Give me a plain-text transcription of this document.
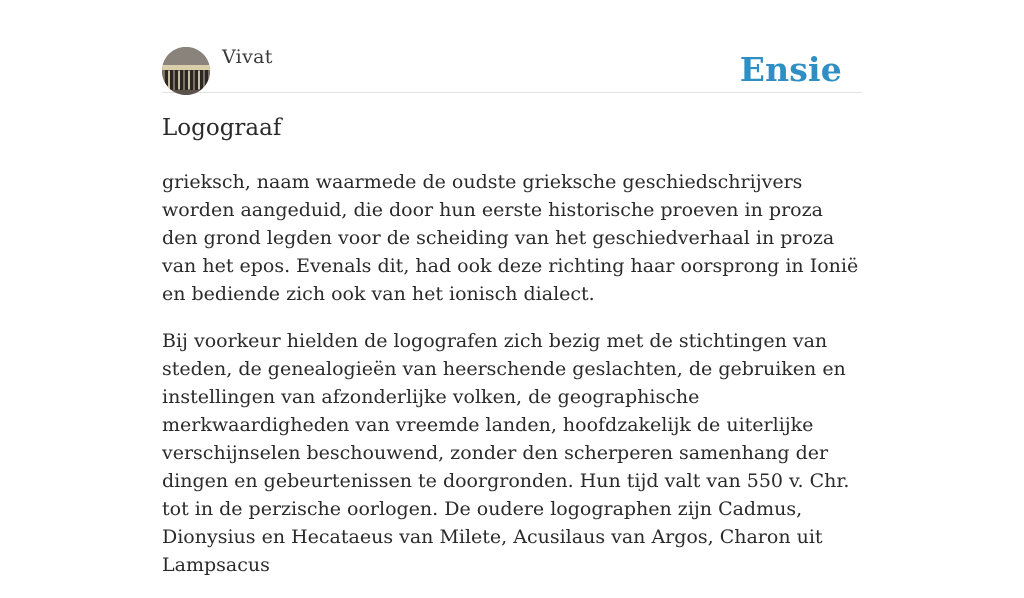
Vivat	Ensie
Logograaf

grieksch, naam waarmede de oudste grieksche geschiedschrijvers worden aangeduid, die door hun eerste historische proeven in proza den grond legden voor de scheiding van het geschiedverhaal in proza van het epos. Evenals dit, had ook deze richting haar oorsprong in Ionië en bediende zich ook van het ionisch dialect.

Bij voorkeur hielden de logografen zich bezig met de stichtingen van steden, de genealogieën van heerschende geslachten, de gebruiken en instellingen van afzonderlijke volken, de geographische merkwaardigheden van vreemde landen, hoofdzakelijk de uiterlijke verschijnselen beschouwend, zonder den scherperen samenhang der dingen en gebeurtenissen te doorgronden. Hun tijd valt van 550 v. Chr. tot in de perzische oorlogen. De oudere logographen zijn Cadmus, Dionysius en Hecataeus van Milete, Acusilaus van Argos, Charon uit Lampsacus
